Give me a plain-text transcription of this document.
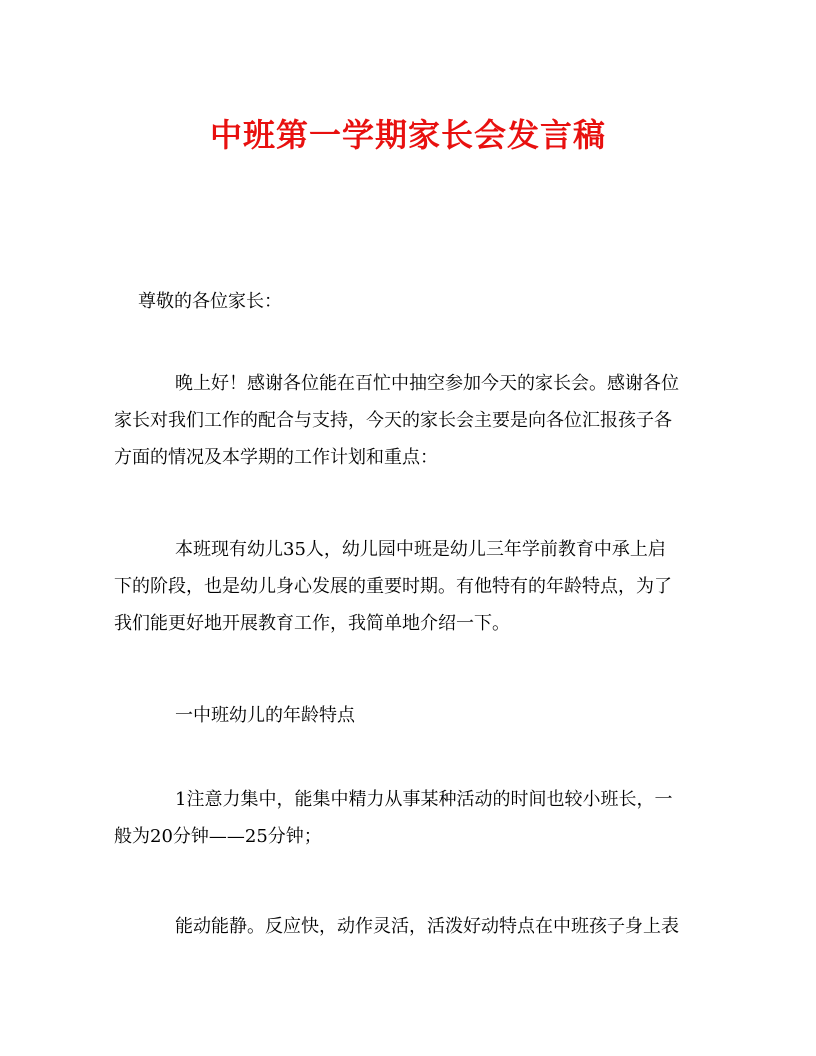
中班第一学期家长会发言稿

尊敬的各位家长：

晚上好！感谢各位能在百忙中抽空参加今天的家长会。感谢各位
家长对我们工作的配合与支持，今天的家长会主要是向各位汇报孩子各
方面的情况及本学期的工作计划和重点：
本班现有幼儿35人，幼儿园中班是幼儿三年学前教育中承上启
下的阶段，也是幼儿身心发展的重要时期。有他特有的年龄特点，为了
我们能更好地开展教育工作，我简单地介绍一下。
一中班幼儿的年龄特点
1注意力集中，能集中精力从事某种活动的时间也较小班长，一
般为20分钟——25分钟；
能动能静。反应快，动作灵活，活泼好动特点在中班孩子身上表
